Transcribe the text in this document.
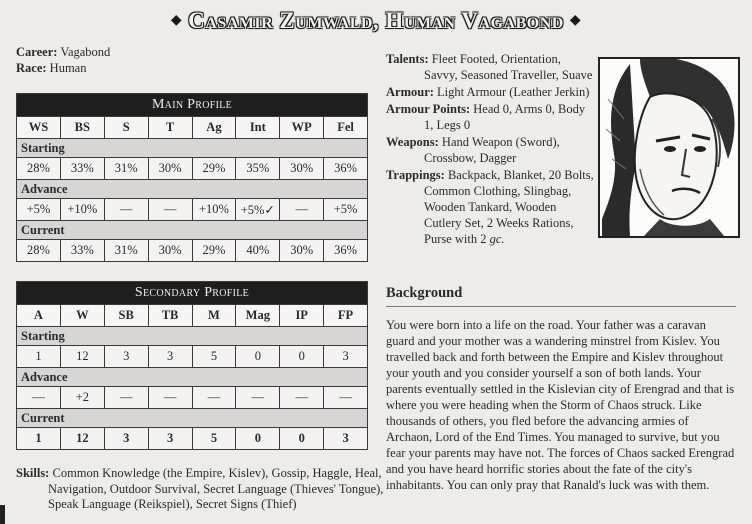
◆ Casamir Zumwald, Human Vagabond ◆
Career: Vagabond
Race: Human
Main Profile							
WS	BS	S	T	Ag	Int	WP	Fel
Starting							
28%	33%	31%	30%	29%	35%	30%	36%
Advance							
+5%	+10%	—	—	+10%	+5%✓	—	+5%
Current							
28%	33%	31%	30%	29%	40%	30%	36%
Secondary Profile							
A	W	SB	TB	M	Mag	IP	FP
Starting							
1	12	3	3	5	0	0	3
Advance							
—	+2	—	—	—	—	—	—
Current							
1	12	3	3	5	0	0	3
Skills: Common Knowledge (the Empire, Kislev), Gossip, Haggle, Heal, Navigation, Outdoor Survival, Secret Language (Thieves' Tongue), Speak Language (Reikspiel), Secret Signs (Thief)
Talents: Fleet Footed, Orientation, Savvy, Seasoned Traveller, Suave
Armour: Light Armour (Leather Jerkin)
Armour Points: Head 0, Arms 0, Body 1, Legs 0
Weapons: Hand Weapon (Sword), Crossbow, Dagger
Trappings: Backpack, Blanket, 20 Bolts, Common Clothing, Slingbag, Wooden Tankard, Wooden Cutlery Set, 2 Weeks Rations, Purse with 2 gc.
Background
You were born into a life on the road. Your father was a caravan guard and your mother was a wandering minstrel from Kislev. You travelled back and forth between the Empire and Kislev throughout your youth and you consider yourself a son of both lands. Your parents eventually settled in the Kislevian city of Erengrad and that is where you were heading when the Storm of Chaos struck. Like thousands of others, you fled before the advancing armies of Archaon, Lord of the End Times. You managed to survive, but you fear your parents may have not. The forces of Chaos sacked Erengrad and you have heard horrific stories about the fate of the city's inhabitants. You can only pray that Ranald's luck was with them.
